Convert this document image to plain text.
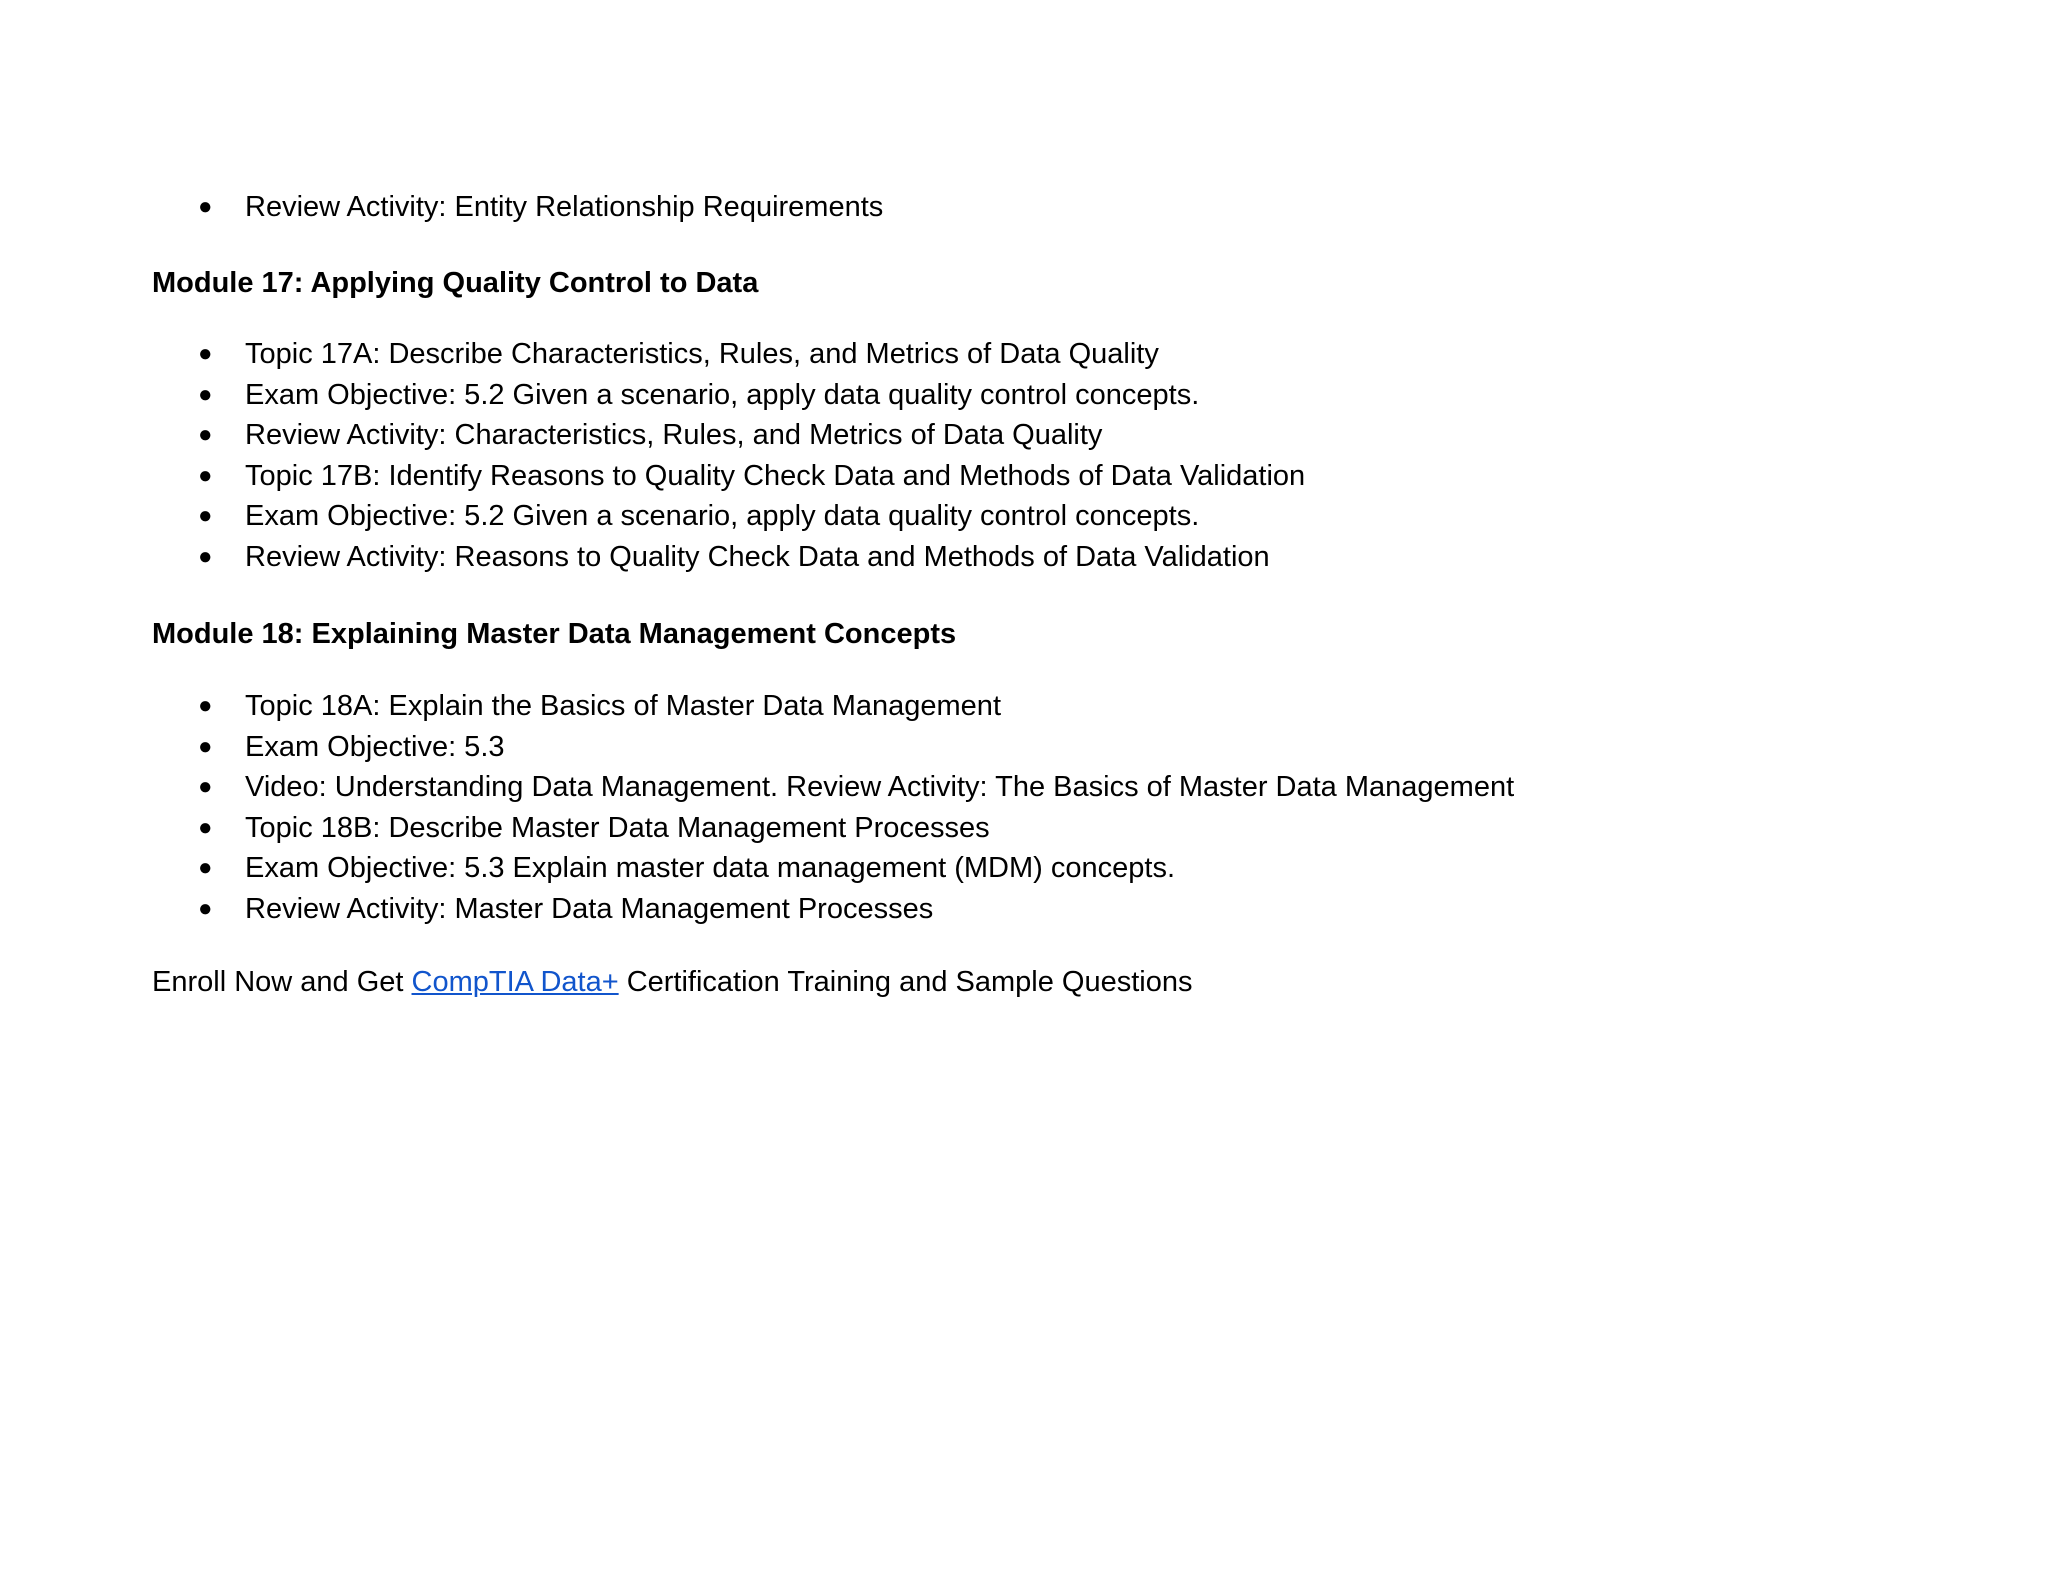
● Review Activity: Entity Relationship Requirements
Module 17: Applying Quality Control to Data
● Topic 17A: Describe Characteristics, Rules, and Metrics of Data Quality
● Exam Objective: 5.2 Given a scenario, apply data quality control concepts.
● Review Activity: Characteristics, Rules, and Metrics of Data Quality
● Topic 17B: Identify Reasons to Quality Check Data and Methods of Data Validation
● Exam Objective: 5.2 Given a scenario, apply data quality control concepts.
● Review Activity: Reasons to Quality Check Data and Methods of Data Validation
Module 18: Explaining Master Data Management Concepts
● Topic 18A: Explain the Basics of Master Data Management
● Exam Objective: 5.3
● Video: Understanding Data Management. Review Activity: The Basics of Master Data Management
● Topic 18B: Describe Master Data Management Processes
● Exam Objective: 5.3 Explain master data management (MDM) concepts.
● Review Activity: Master Data Management Processes

Enroll Now and Get CompTIA Data+ Certification Training and Sample Questions
